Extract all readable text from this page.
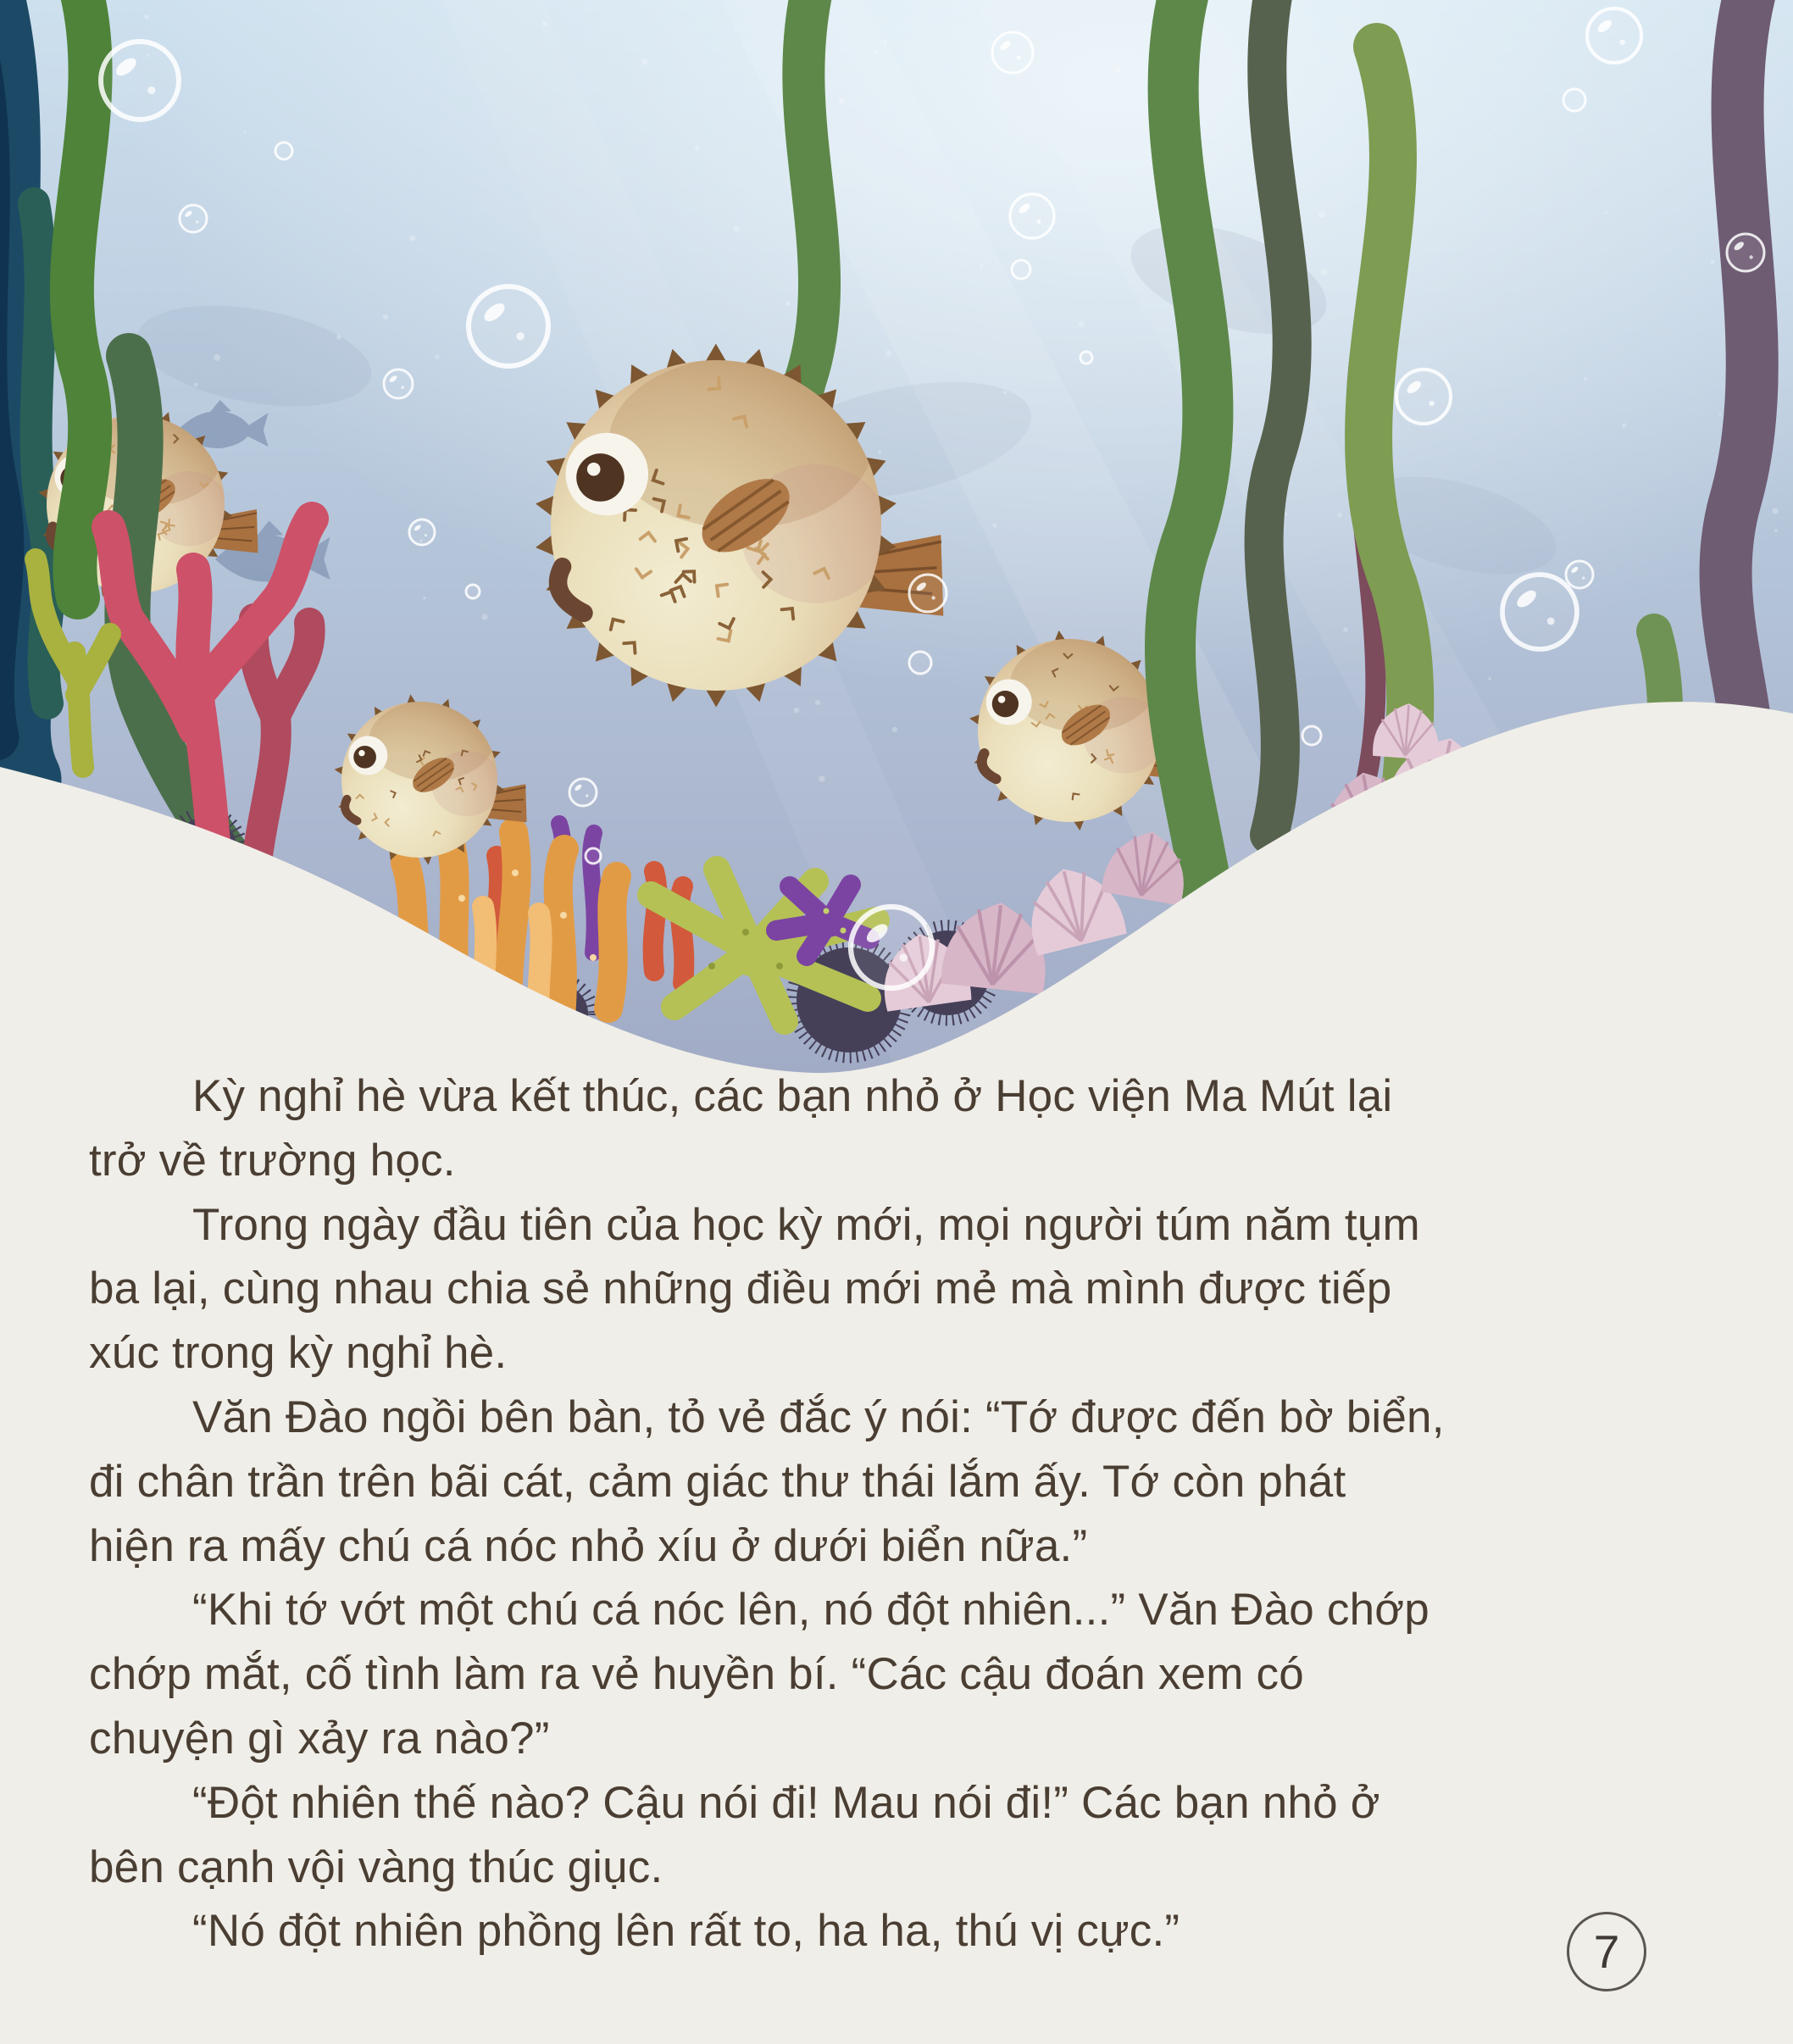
Kỳ nghỉ hè vừa kết thúc, các bạn nhỏ ở Học viện Ma Mút lại
trở về trường học.
Trong ngày đầu tiên của học kỳ mới, mọi người túm năm tụm
ba lại, cùng nhau chia sẻ những điều mới mẻ mà mình được tiếp
xúc trong kỳ nghỉ hè.
Văn Đào ngồi bên bàn, tỏ vẻ đắc ý nói: “Tớ được đến bờ biển,
đi chân trần trên bãi cát, cảm giác thư thái lắm ấy. Tớ còn phát
hiện ra mấy chú cá nóc nhỏ xíu ở dưới biển nữa.”
“Khi tớ vớt một chú cá nóc lên, nó đột nhiên...” Văn Đào chớp
chớp mắt, cố tình làm ra vẻ huyền bí. “Các cậu đoán xem có
chuyện gì xảy ra nào?”
“Đột nhiên thế nào? Cậu nói đi! Mau nói đi!” Các bạn nhỏ ở
bên cạnh vội vàng thúc giục.
“Nó đột nhiên phồng lên rất to, ha ha, thú vị cực.”	7
